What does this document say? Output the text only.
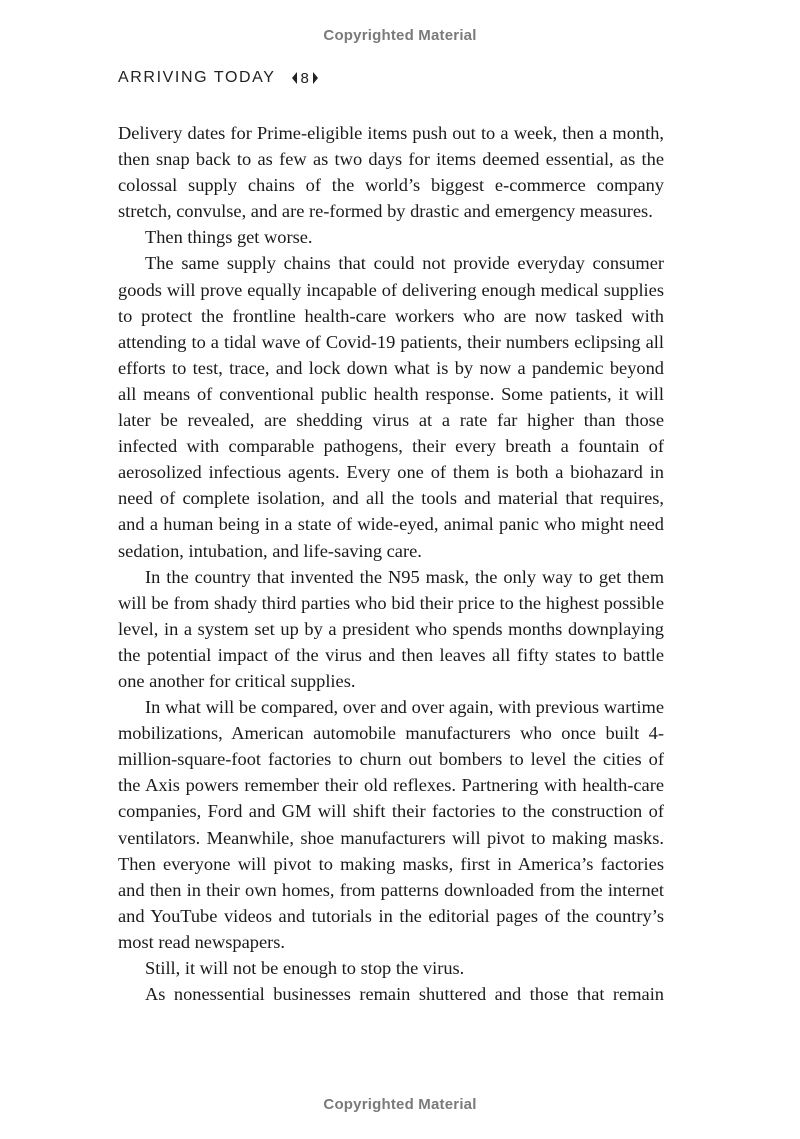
Copyrighted Material
ARRIVING TODAY 8

Delivery dates for Prime-eligible items push out to a week, then a month, then snap back to as few as two days for items deemed essential, as the colossal supply chains of the world’s biggest e-commerce company stretch, convulse, and are re-formed by drastic and emergency measures.

Then things get worse.

The same supply chains that could not provide everyday consumer goods will prove equally incapable of delivering enough medical supplies to protect the frontline health-care workers who are now tasked with attending to a tidal wave of Covid-19 patients, their numbers eclipsing all efforts to test, trace, and lock down what is by now a pandemic beyond all means of conventional public health response. Some patients, it will later be revealed, are shedding virus at a rate far higher than those infected with comparable pathogens, their every breath a fountain of aerosolized infectious agents. Every one of them is both a biohazard in need of complete isolation, and all the tools and material that requires, and a human being in a state of wide-eyed, animal panic who might need sedation, intubation, and life-saving care.

In the country that invented the N95 mask, the only way to get them will be from shady third parties who bid their price to the highest possible level, in a system set up by a president who spends months downplaying the potential impact of the virus and then leaves all fifty states to battle one another for critical supplies.

In what will be compared, over and over again, with previous wartime mobilizations, American automobile manufacturers who once built 4-million-square-foot factories to churn out bombers to level the cities of the Axis powers remember their old reflexes. Partnering with health-care companies, Ford and GM will shift their factories to the construction of ventilators. Meanwhile, shoe manufacturers will pivot to making masks. Then everyone will pivot to making masks, first in America’s factories and then in their own homes, from patterns downloaded from the internet and YouTube videos and tutorials in the editorial pages of the country’s most read newspapers.

Still, it will not be enough to stop the virus.

As nonessential businesses remain shuttered and those that remain

Copyrighted Material
